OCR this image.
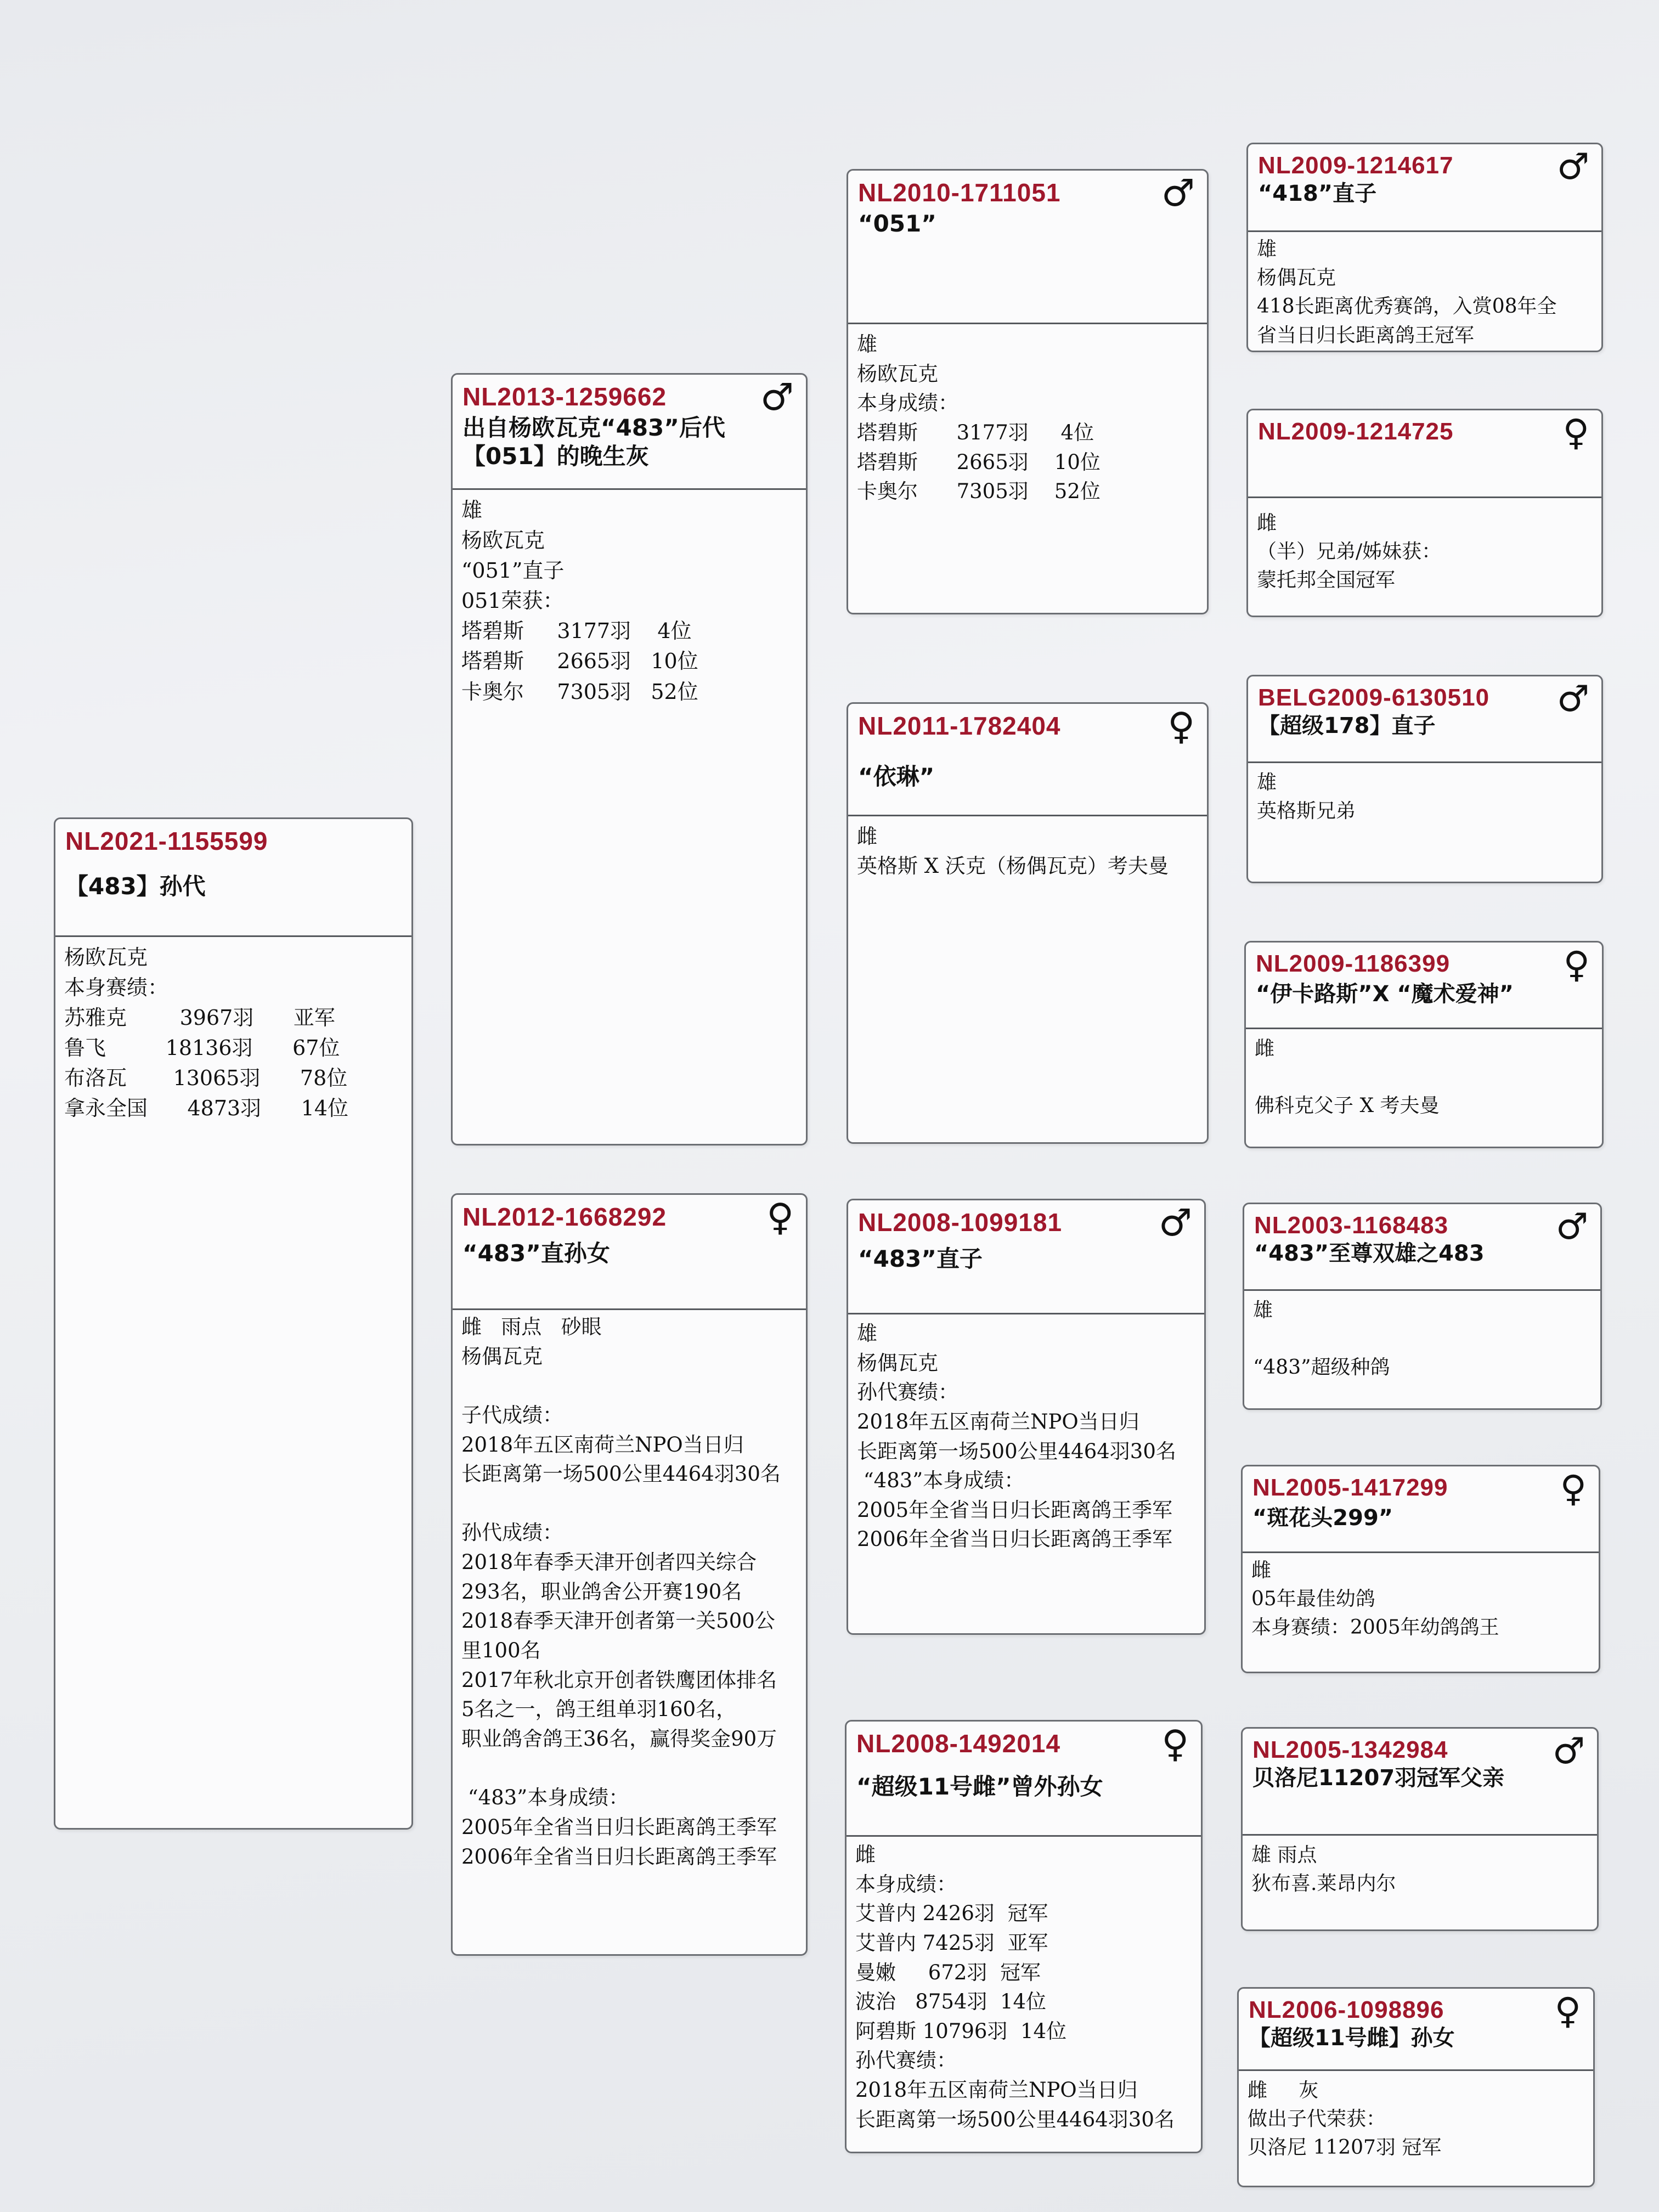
NL2021-1155599
【483】孙代
杨欧瓦克
本身赛绩：
苏雅克        3967羽      亚军
鲁飞         18136羽      67位
布洛瓦       13065羽      78位
拿永全国      4873羽      14位
NL2013-1259662
♂
出自杨欧瓦克“483”后代
【051】的晚生灰
雄
杨欧瓦克
“051”直子
051荣获：
塔碧斯     3177羽    4位
塔碧斯     2665羽   10位
卡奥尔     7305羽   52位
NL2012-1668292
♀
“483”直孙女
雌   雨点   砂眼
杨偶瓦克
子代成绩：
2018年五区南荷兰NPO当日归
长距离第一场500公里4464羽30名
孙代成绩：
2018年春季天津开创者四关综合
293名，职业鸽舍公开赛190名
2018春季天津开创者第一关500公
里100名
2017年秋北京开创者铁鹰团体排名
5名之一，鸽王组单羽160名，
职业鸽舍鸽王36名，赢得奖金90万
“483”本身成绩：
2005年全省当日归长距离鸽王季军
2006年全省当日归长距离鸽王季军
NL2010-1711051
♂
“051”
雄
杨欧瓦克
本身成绩：
塔碧斯      3177羽     4位
塔碧斯      2665羽    10位
卡奥尔      7305羽    52位
NL2011-1782404
♀
“依琳”
雌
英格斯 X 沃克（杨偶瓦克）考夫曼
NL2008-1099181
♂
“483”直子
雄
杨偶瓦克
孙代赛绩：
2018年五区南荷兰NPO当日归
长距离第一场500公里4464羽30名
“483”本身成绩：
2005年全省当日归长距离鸽王季军
2006年全省当日归长距离鸽王季军
NL2008-1492014
♀
“超级11号雌”曾外孙女
雌
本身成绩：
艾普内 2426羽  冠军
艾普内 7425羽  亚军
曼嫩     672羽  冠军
波治   8754羽  14位
阿碧斯 10796羽  14位
孙代赛绩：
2018年五区南荷兰NPO当日归
长距离第一场500公里4464羽30名
NL2009-1214617
♂
“418”直子
雄
杨偶瓦克
418长距离优秀赛鸽，入赏08年全
省当日归长距离鸽王冠军
NL2009-1214725
♀
雌
（半）兄弟/姊妹获：
蒙托邦全国冠军
BELG2009-6130510
♂
【超级178】直子
雄
英格斯兄弟
NL2009-1186399
♀
“伊卡路斯”X “魔术爱神”
雌
佛科克父子 X 考夫曼
NL2003-1168483
♂
“483”至尊双雄之483
雄
“483”超级种鸽
NL2005-1417299
♀
“斑花头299”
雌
05年最佳幼鸽
本身赛绩：2005年幼鸽鸽王
NL2005-1342984
♂
贝洛尼11207羽冠军父亲
雄 雨点
狄布喜.莱昂内尔
NL2006-1098896
♀
【超级11号雌】孙女
雌     灰
做出子代荣获：
贝洛尼 11207羽 冠军
